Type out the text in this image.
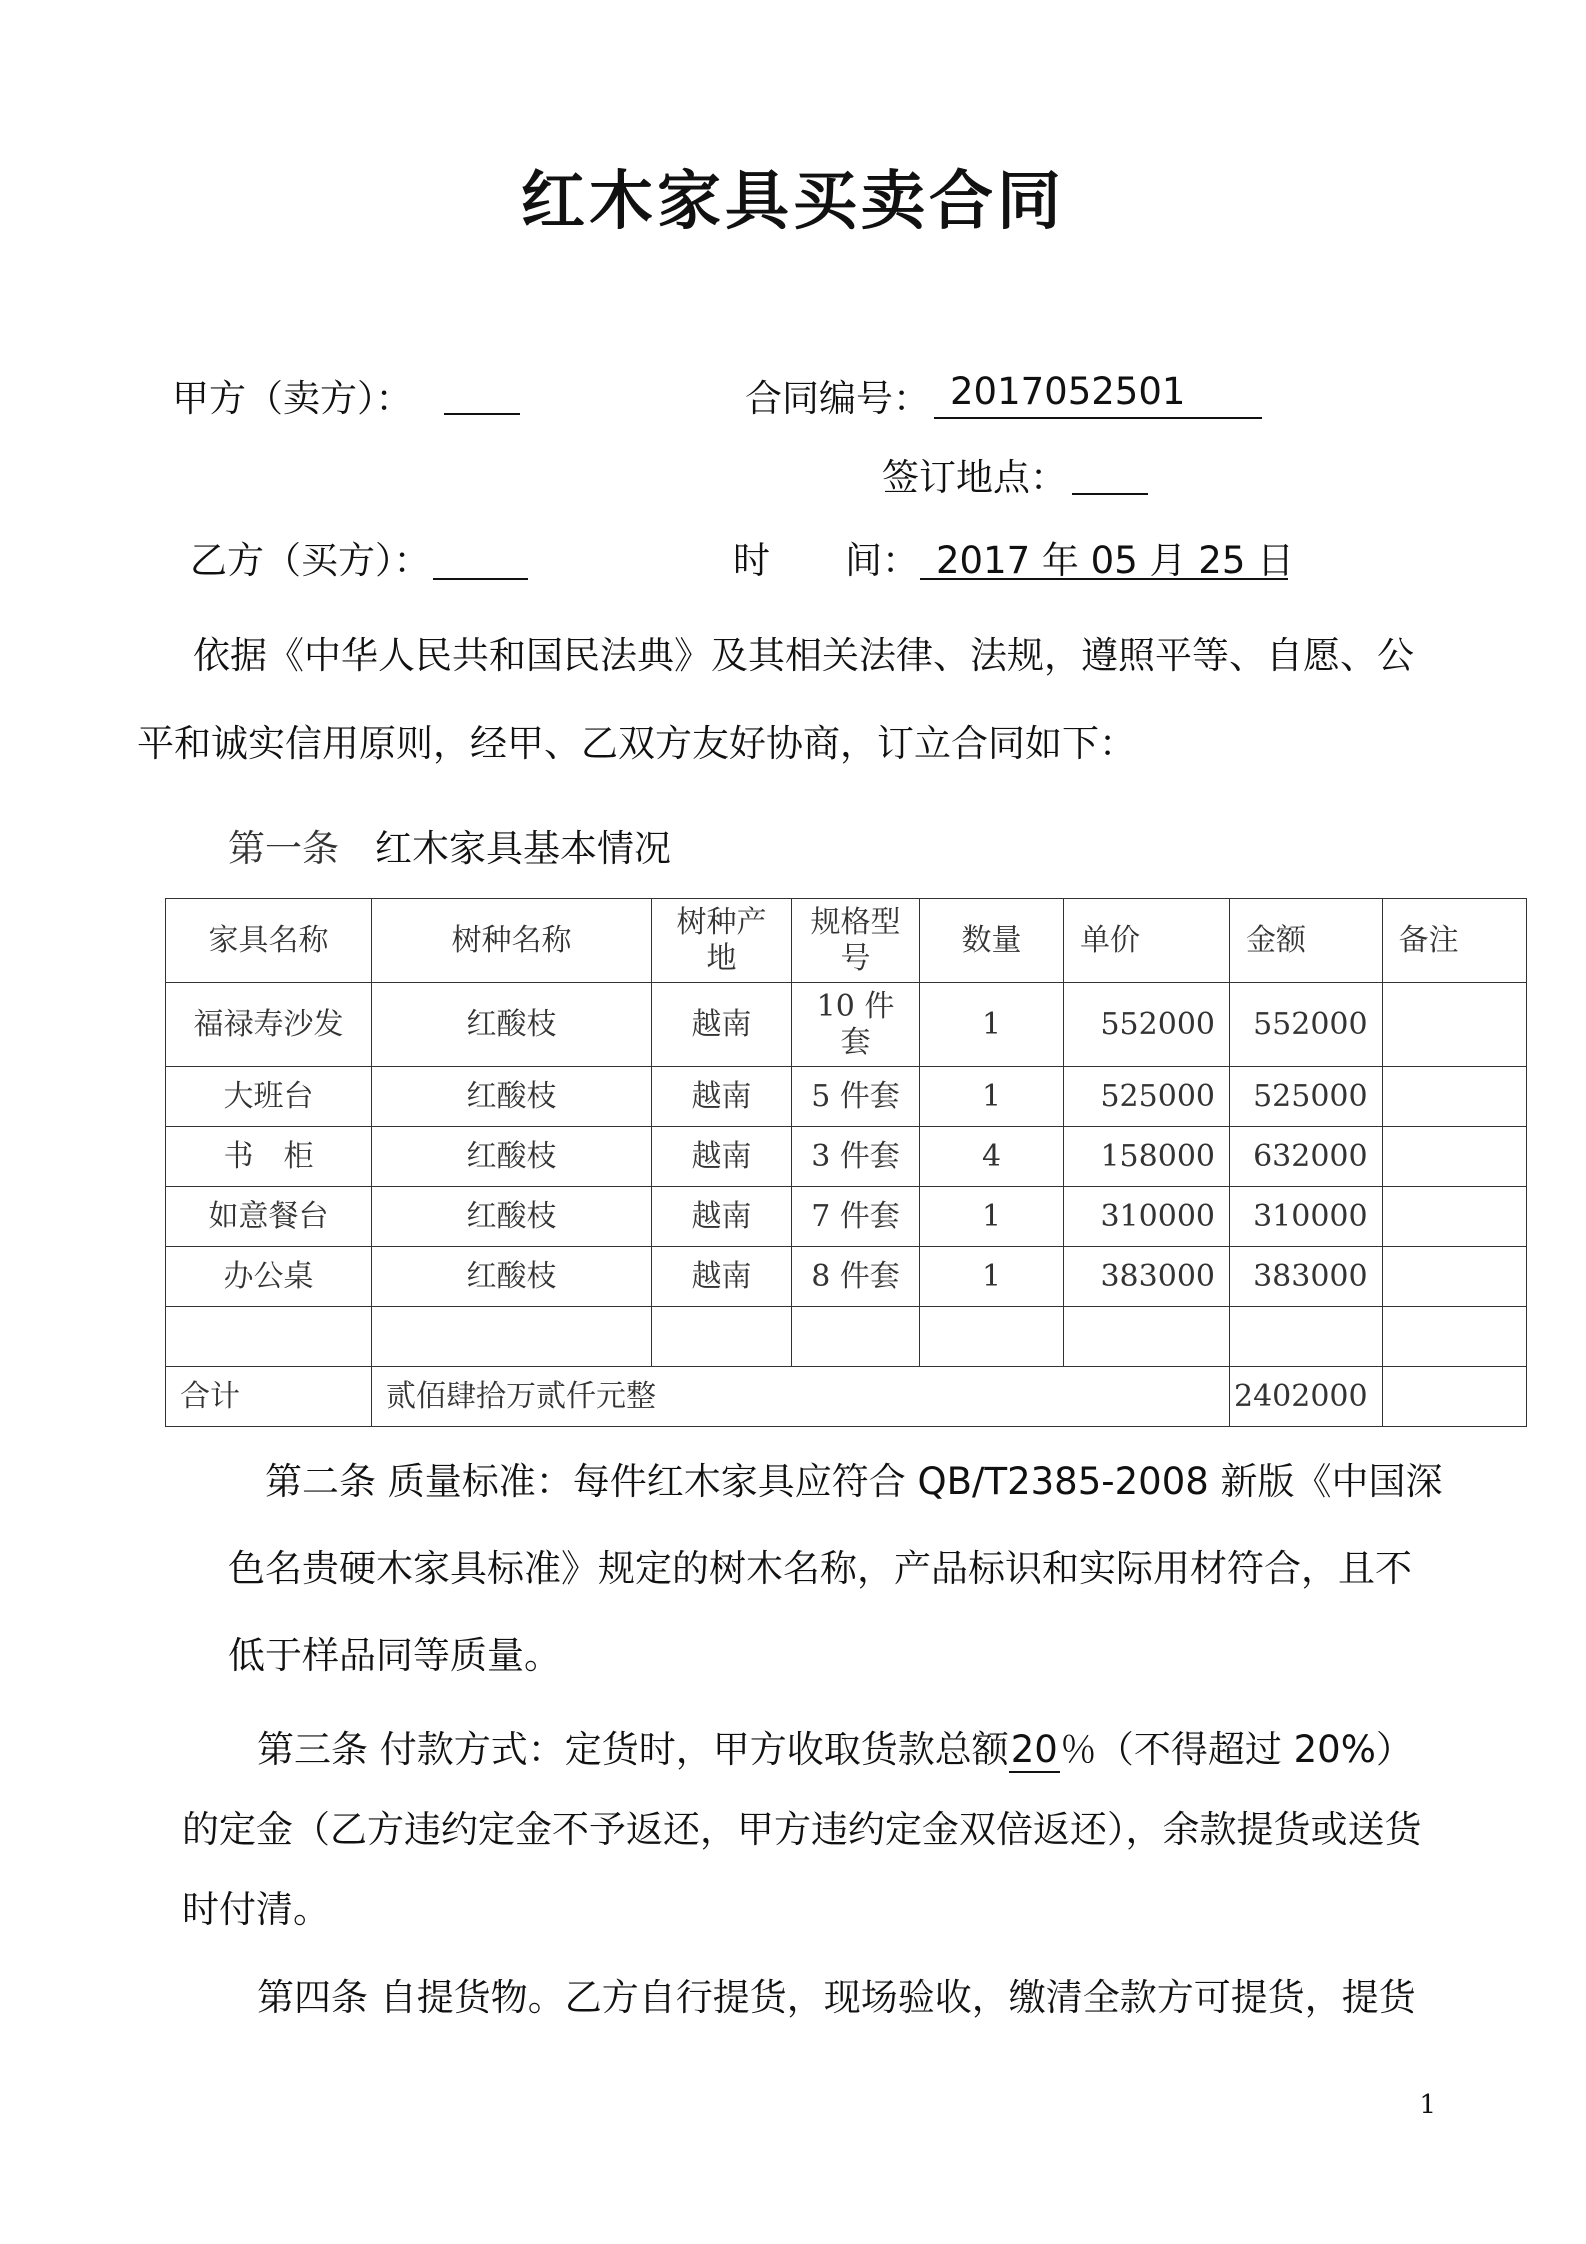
红木家具买卖合同
甲方（卖方）：	合同编号： 2017052501
签订地点：
乙方（买方）：	时 间： 2017 年 05 月 25 日
依据《中华人民共和国民法典》及其相关法律、法规，遵照平等、自愿、公
平和诚实信用原则，经甲、乙双方友好协商，订立合同如下：
第一条 红木家具基本情况
家具名称	树种名称	树种产地	规格型号	数量	单价	金额	备注
福禄寿沙发	红酸枝	越南	10 件套	1	552000	552000	
大班台	红酸枝	越南	5 件套	1	525000	525000	
书　柜	红酸枝	越南	3 件套	4	158000	632000	
如意餐台	红酸枝	越南	7 件套	1	310000	310000	
办公桌	红酸枝	越南	8 件套	1	383000	383000	

合计	贰佰肆拾万贰仟元整					2402000	
第二条 质量标准：每件红木家具应符合 QB/T2385-2008 新版《中国深
色名贵硬木家具标准》规定的树木名称，产品标识和实际用材符合，且不
低于样品同等质量。
第三条 付款方式：定货时，甲方收取货款总额20％（不得超过 20%）
的定金（乙方违约定金不予返还，甲方违约定金双倍返还），余款提货或送货
时付清。
第四条 自提货物。乙方自行提货，现场验收，缴清全款方可提货，提货
1
